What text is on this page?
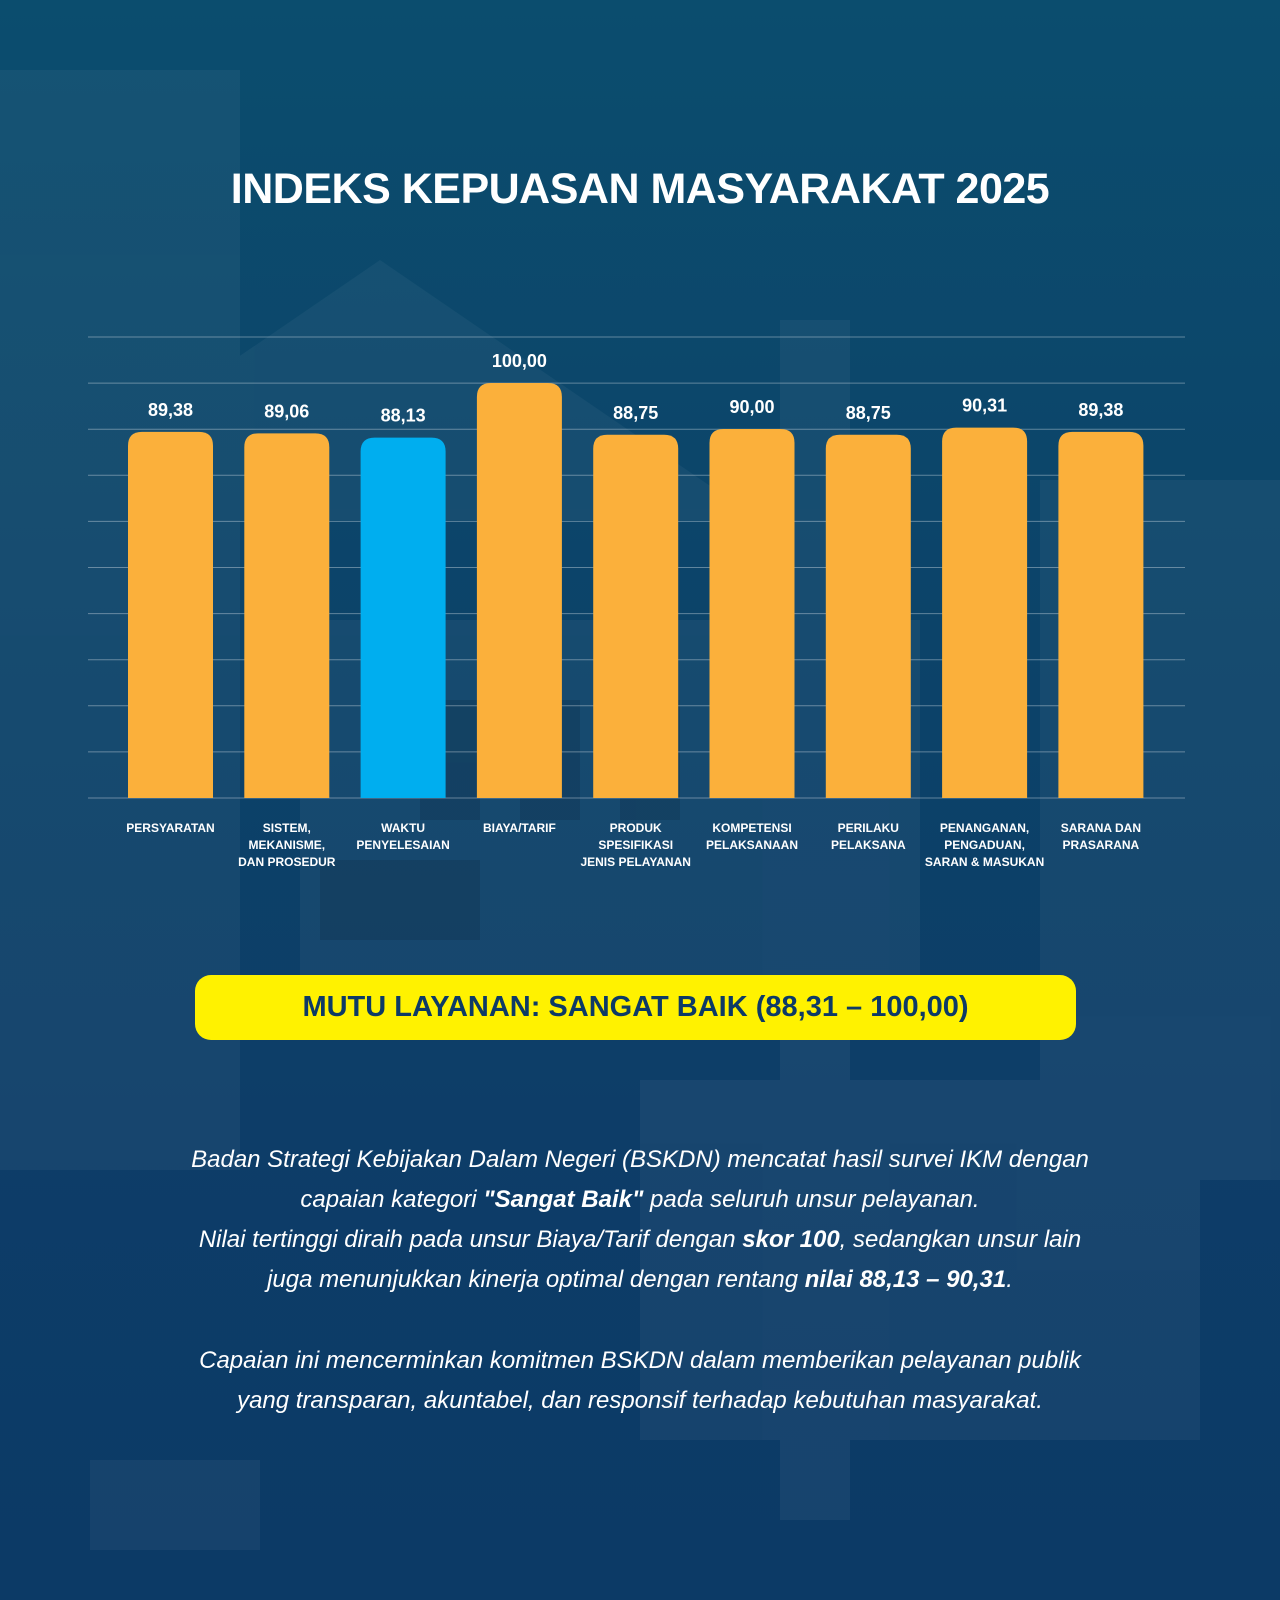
INDEKS KEPUASAN MASYARAKAT 2025
89,38	89,06	88,13
100,00
88,75	90,00	88,75	90,31	89,38
PERSYARATAN	SISTEM,
MEKANISME,
DAN PROSEDUR
WAKTU
PENYELESAIAN
BIAYA/TARIF	PRODUK
SPESIFIKASI
JENIS PELAYANAN
KOMPETENSI
PELAKSANAAN
PERILAKU
PELAKSANA
PENANGANAN,
PENGADUAN,
SARAN & MASUKAN
SARANA DAN
PRASARANA
MUTU LAYANAN: SANGAT BAIK (88,31 – 100,00)
Badan Strategi Kebijakan Dalam Negeri (BSKDN) mencatat hasil survei IKM dengan
capaian kategori "Sangat Baik" pada seluruh unsur pelayanan.
Nilai tertinggi diraih pada unsur Biaya/Tarif dengan skor 100, sedangkan unsur lain
juga menunjukkan kinerja optimal dengan rentang nilai 88,13 – 90,31.
Capaian ini mencerminkan komitmen BSKDN dalam memberikan pelayanan publik
yang transparan, akuntabel, dan responsif terhadap kebutuhan masyarakat.
